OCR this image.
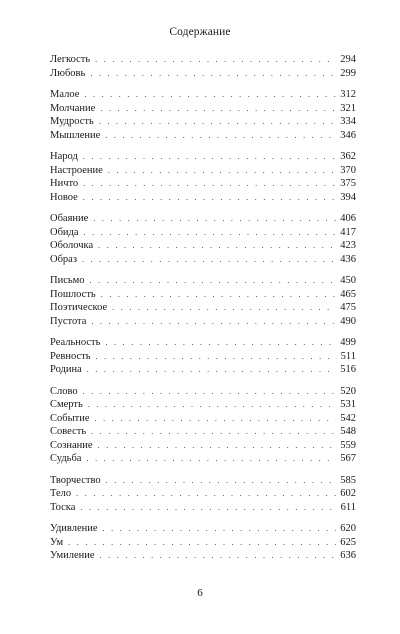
Содержание
Легкость . . .	294
Любовь . . .	299
Малое . . .	312
Молчание . . .	321
Мудрость . . .	334
Мышление . . .	346
Народ . . .	362
Настроение . . .	370
Ничто . . .	375
Новое . . .	394
Обаяние . . .	406
Обида . . .	417
Оболочка . . .	423
Образ . . .	436
Письмо . . .	450
Пошлость . . .	465
Поэтическое . . .	475
Пустота . . .	490
Реальность . . .	499
Ревность . . .	511
Родина . . .	516
Слово . . .	520
Смерть . . .	531
Событие . . .	542
Совесть . . .	548
Сознание . . .	559
Судьба . . .	567
Творчество . . .	585
Тело . . .	602
Тоска . . .	611
Удивление . . .	620
Ум . . .	625
Умиление . . .	636
6
